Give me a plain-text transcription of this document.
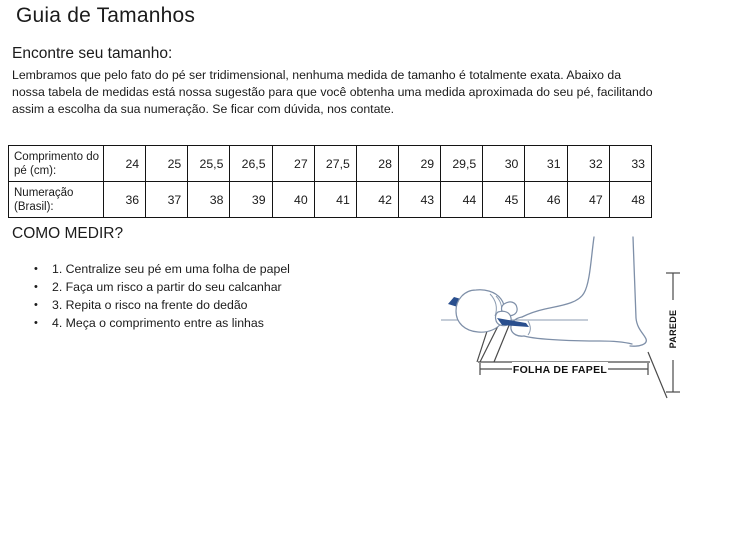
Guia de Tamanhos
Encontre seu tamanho:
Lembramos que pelo fato do pé ser tridimensional, nenhuma medida de tamanho é totalmente exata. Abaixo da
nossa tabela de medidas está nossa sugestão para que você obtenha uma medida aproximada do seu pé, facilitando
assim a escolha da sua numeração. Se ficar com dúvida, nos contate.
Comprimento do pé (cm):	24	25	25,5	26,5	27	27,5	28	29	29,5	30	31	32	33
Numeração (Brasil):	36	37	38	39	40	41	42	43	44	45	46	47	48
COMO MEDIR?
•	1. Centralize seu pé em uma folha de papel
•	2. Faça um risco a partir do seu calcanhar
•	3. Repita o risco na frente do dedão
•	4. Meça o comprimento entre as linhas
FOLHA DE FAPEL
PAREDE
